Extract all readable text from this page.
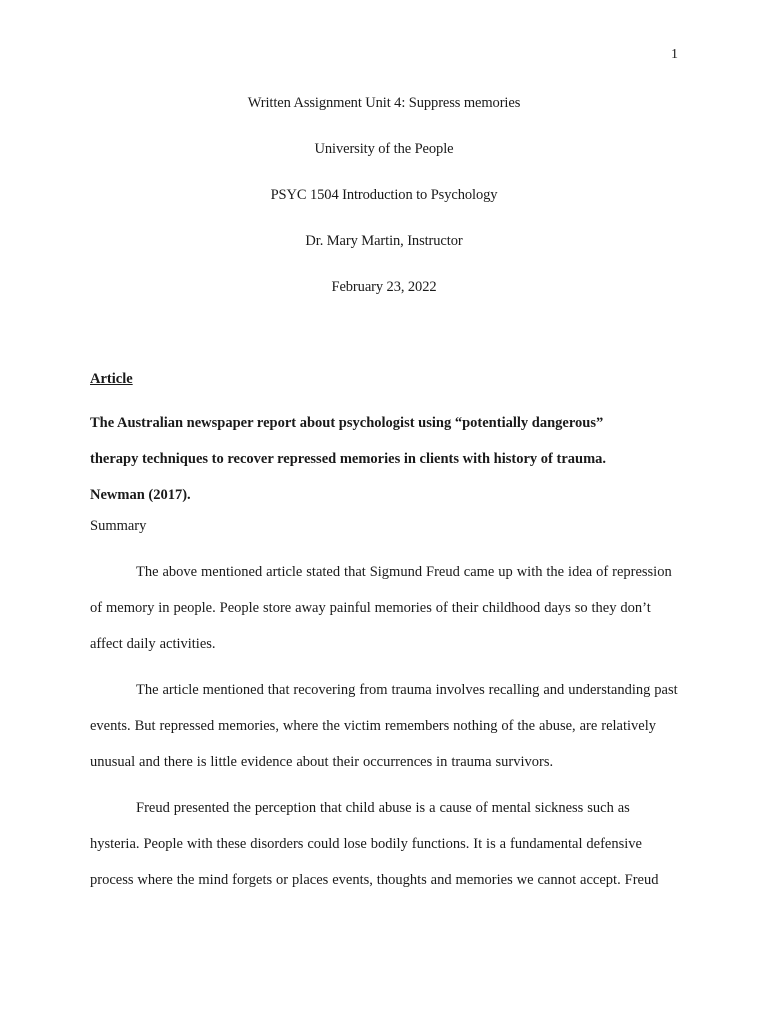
1
Written Assignment Unit 4: Suppress memories
University of the People
PSYC 1504 Introduction to Psychology
Dr. Mary Martin, Instructor
February 23, 2022
Article
The Australian newspaper report about psychologist using “potentially dangerous”
therapy techniques to recover repressed memories in clients with history of trauma.
Newman (2017).
Summary

The above mentioned article stated that Sigmund Freud came up with the idea of repression of memory in people. People store away painful memories of their childhood days so they don’t affect daily activities.

The article mentioned that recovering from trauma involves recalling and understanding past events. But repressed memories, where the victim remembers nothing of the abuse, are relatively unusual and there is little evidence about their occurrences in trauma survivors.

Freud presented the perception that child abuse is a cause of mental sickness such as hysteria. People with these disorders could lose bodily functions. It is a fundamental defensive process where the mind forgets or places events, thoughts and memories we cannot accept. Freud
